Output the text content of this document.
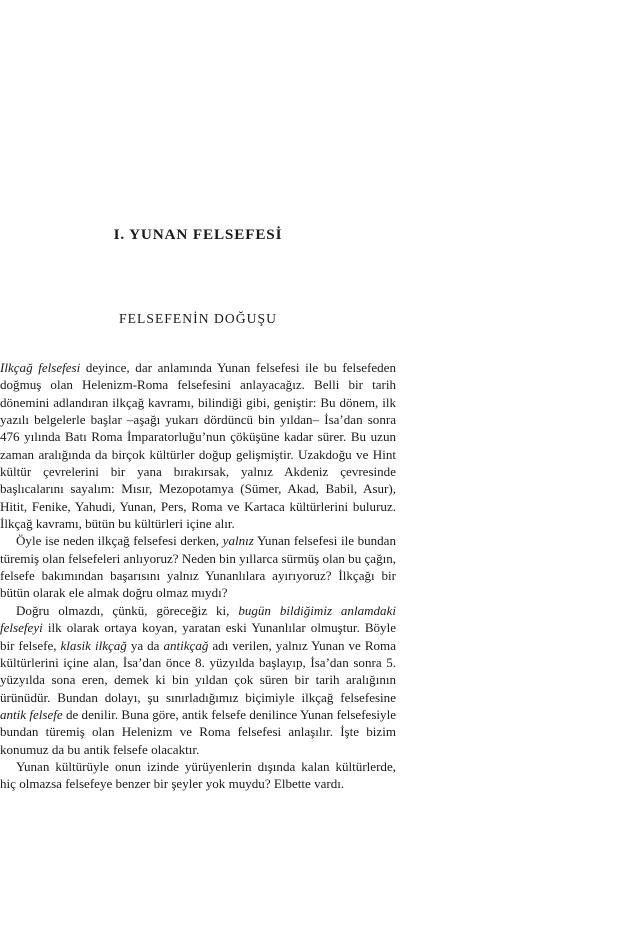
I. YUNAN FELSEFESİ
FELSEFENİN DOĞUŞU

Ilkçağ felsefesi deyince, dar anlamında Yunan felsefesi ile bu felsefeden doğmuş olan Helenizm-Roma felsefesini anlayacağız. Belli bir tarih dönemini adlandıran ilkçağ kavramı, bilindiği gibi, geniştir: Bu dönem, ilk yazılı belgelerle başlar –aşağı yukarı dördüncü bin yıldan– İsa’dan sonra 476 yılında Batı Roma İmparatorluğu’nun çöküşüne kadar sürer. Bu uzun zaman aralığında da birçok kültürler doğup gelişmiştir. Uzakdoğu ve Hint kültür çevrelerini bir yana bırakırsak, yalnız Akdeniz çevresinde başlıcalarını sayalım: Mısır, Mezopotamya (Sümer, Akad, Babil, Asur), Hitit, Fenike, Yahudi, Yunan, Pers, Roma ve Kartaca kültürlerini buluruz. İlkçağ kavramı, bütün bu kültürleri içine alır.

Öyle ise neden ilkçağ felsefesi derken, yalnız Yunan felsefesi ile bundan türemiş olan felsefeleri anlıyoruz? Neden bin yıllarca sürmüş olan bu çağın, felsefe bakımından başarısını yalnız Yunanlılara ayırıyoruz? İlkçağı bir bütün olarak ele almak doğru olmaz mıydı?

Doğru olmazdı, çünkü, göreceğiz ki, bugün bildiğimiz anlamdaki felsefeyi ilk olarak ortaya koyan, yaratan eski Yunanlılar olmuştur. Böyle bir felsefe, klasik ilkçağ ya da antikçağ adı verilen, yalnız Yunan ve Roma kültürlerini içine alan, İsa’dan önce 8. yüzyılda başlayıp, İsa’dan sonra 5. yüzyılda sona eren, demek ki bin yıldan çok süren bir tarih aralığının ürünüdür. Bundan dolayı, şu sınırladığımız biçimiyle ilkçağ felsefesine antik felsefe de denilir. Buna göre, antik felsefe denilince Yunan felsefesiyle bundan türemiş olan Helenizm ve Roma felsefesi anlaşılır. İşte bizim konumuz da bu antik felsefe olacaktır.

Yunan kültürüyle onun izinde yürüyenlerin dışında kalan kültürlerde, hiç olmazsa felsefeye benzer bir şeyler yok muydu? Elbette vardı.
